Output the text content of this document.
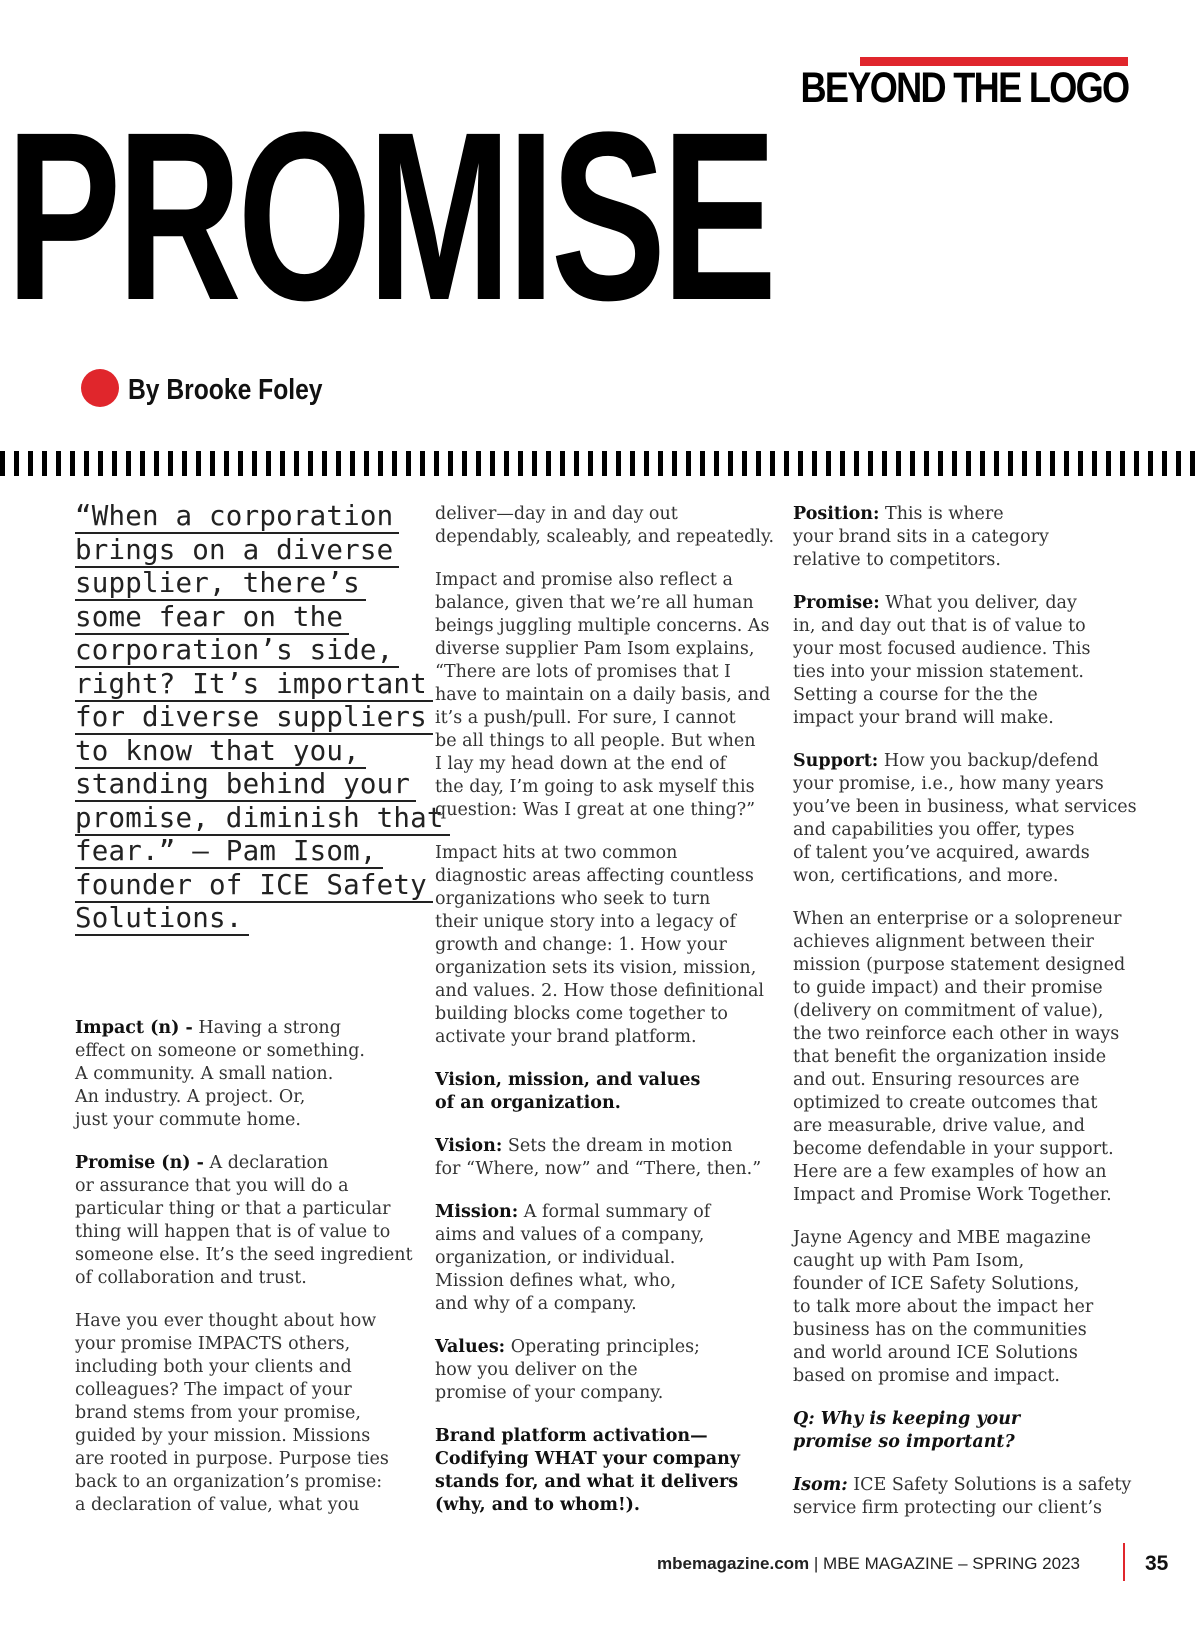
BEYOND THE LOGO
PROMISE
By Brooke Foley
“When a corporation
brings on a diverse
supplier, there’s
some fear on the
corporation’s side,
right? It’s important
for diverse suppliers
to know that you,
standing behind your
promise, diminish that
fear.” — Pam Isom,
founder of ICE Safety
Solutions.

Impact (n) - Having a strong
effect on someone or something.
A community. A small nation.
An industry. A project. Or,
just your commute home.

Promise (n) - A declaration
or assurance that you will do a
particular thing or that a particular
thing will happen that is of value to
someone else. It’s the seed ingredient
of collaboration and trust.

Have you ever thought about how
your promise IMPACTS others,
including both your clients and
colleagues? The impact of your
brand stems from your promise,
guided by your mission. Missions
are rooted in purpose. Purpose ties
back to an organization’s promise:
a declaration of value, what you

deliver—day in and day out
dependably, scaleably, and repeatedly.

Impact and promise also reflect a
balance, given that we’re all human
beings juggling multiple concerns. As
diverse supplier Pam Isom explains,
“There are lots of promises that I
have to maintain on a daily basis, and
it’s a push/pull. For sure, I cannot
be all things to all people. But when
I lay my head down at the end of
the day, I’m going to ask myself this
question: Was I great at one thing?”

Impact hits at two common
diagnostic areas affecting countless
organizations who seek to turn
their unique story into a legacy of
growth and change: 1. How your
organization sets its vision, mission,
and values. 2. How those definitional
building blocks come together to
activate your brand platform.

Vision, mission, and values
of an organization.

Vision: Sets the dream in motion
for “Where, now” and “There, then.”

Mission: A formal summary of
aims and values of a company,
organization, or individual.
Mission defines what, who,
and why of a company.

Values: Operating principles;
how you deliver on the
promise of your company.

Brand platform activation—
Codifying WHAT your company
stands for, and what it delivers
(why, and to whom!).

Position: This is where
your brand sits in a category
relative to competitors.

Promise: What you deliver, day
in, and day out that is of value to
your most focused audience. This
ties into your mission statement.
Setting a course for the the
impact your brand will make.

Support: How you backup/defend
your promise, i.e., how many years
you’ve been in business, what services
and capabilities you offer, types
of talent you’ve acquired, awards
won, certifications, and more.

When an enterprise or a solopreneur
achieves alignment between their
mission (purpose statement designed
to guide impact) and their promise
(delivery on commitment of value),
the two reinforce each other in ways
that benefit the organization inside
and out. Ensuring resources are
optimized to create outcomes that
are measurable, drive value, and
become defendable in your support.
Here are a few examples of how an
Impact and Promise Work Together.

Jayne Agency and MBE magazine
caught up with Pam Isom,
founder of ICE Safety Solutions,
to talk more about the impact her
business has on the communities
and world around ICE Solutions
based on promise and impact.

Q: Why is keeping your
promise so important?

Isom: ICE Safety Solutions is a safety
service firm protecting our client’s

mbemagazine.com | MBE MAGAZINE – SPRING 2023	35
